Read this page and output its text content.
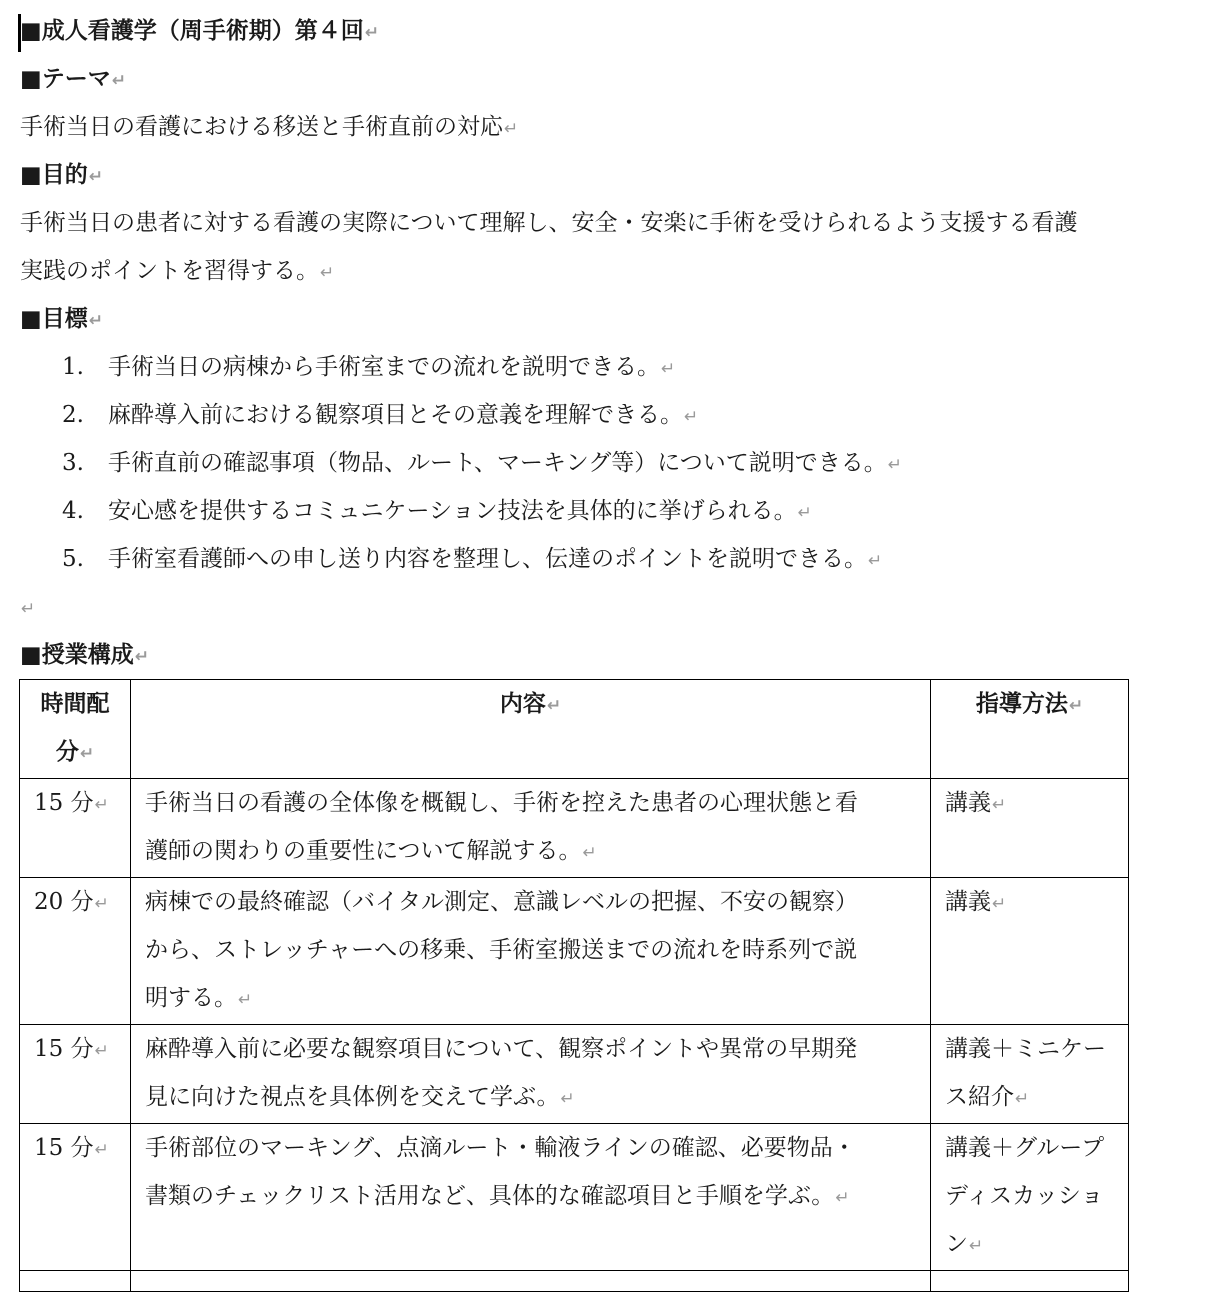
■成人看護学（周手術期）第４回↵
■テーマ↵
手術当日の看護における移送と手術直前の対応↵
■目的↵
手術当日の患者に対する看護の実際について理解し、安全・安楽に手術を受けられるよう支援する看護
実践のポイントを習得する。↵
■目標↵
1. 手術当日の病棟から手術室までの流れを説明できる。↵
2. 麻酔導入前における観察項目とその意義を理解できる。↵
3. 手術直前の確認事項（物品、ルート、マーキング等）について説明できる。↵
4. 安心感を提供するコミュニケーション技法を具体的に挙げられる。↵
5. 手術室看護師への申し送り内容を整理し、伝達のポイントを説明できる。↵
↵
■授業構成↵
時間配分↵	内容↵	指導方法↵
15 分↵	手術当日の看護の全体像を概観し、手術を控えた患者の心理状態と看
護師の関わりの重要性について解説する。↵	講義↵
20 分↵	病棟での最終確認（バイタル測定、意識レベルの把握、不安の観察）
から、ストレッチャーへの移乗、手術室搬送までの流れを時系列で説
明する。↵	講義↵
15 分↵	麻酔導入前に必要な観察項目について、観察ポイントや異常の早期発
見に向けた視点を具体例を交えて学ぶ。↵	講義＋ミニケー
ス紹介↵

15 分↵	手術部位のマーキング、点滴ルート・輸液ラインの確認、必要物品・
書類のチェックリスト活用など、具体的な確認項目と手順を学ぶ。↵	講義＋グループ
ディスカッショ
ン↵
